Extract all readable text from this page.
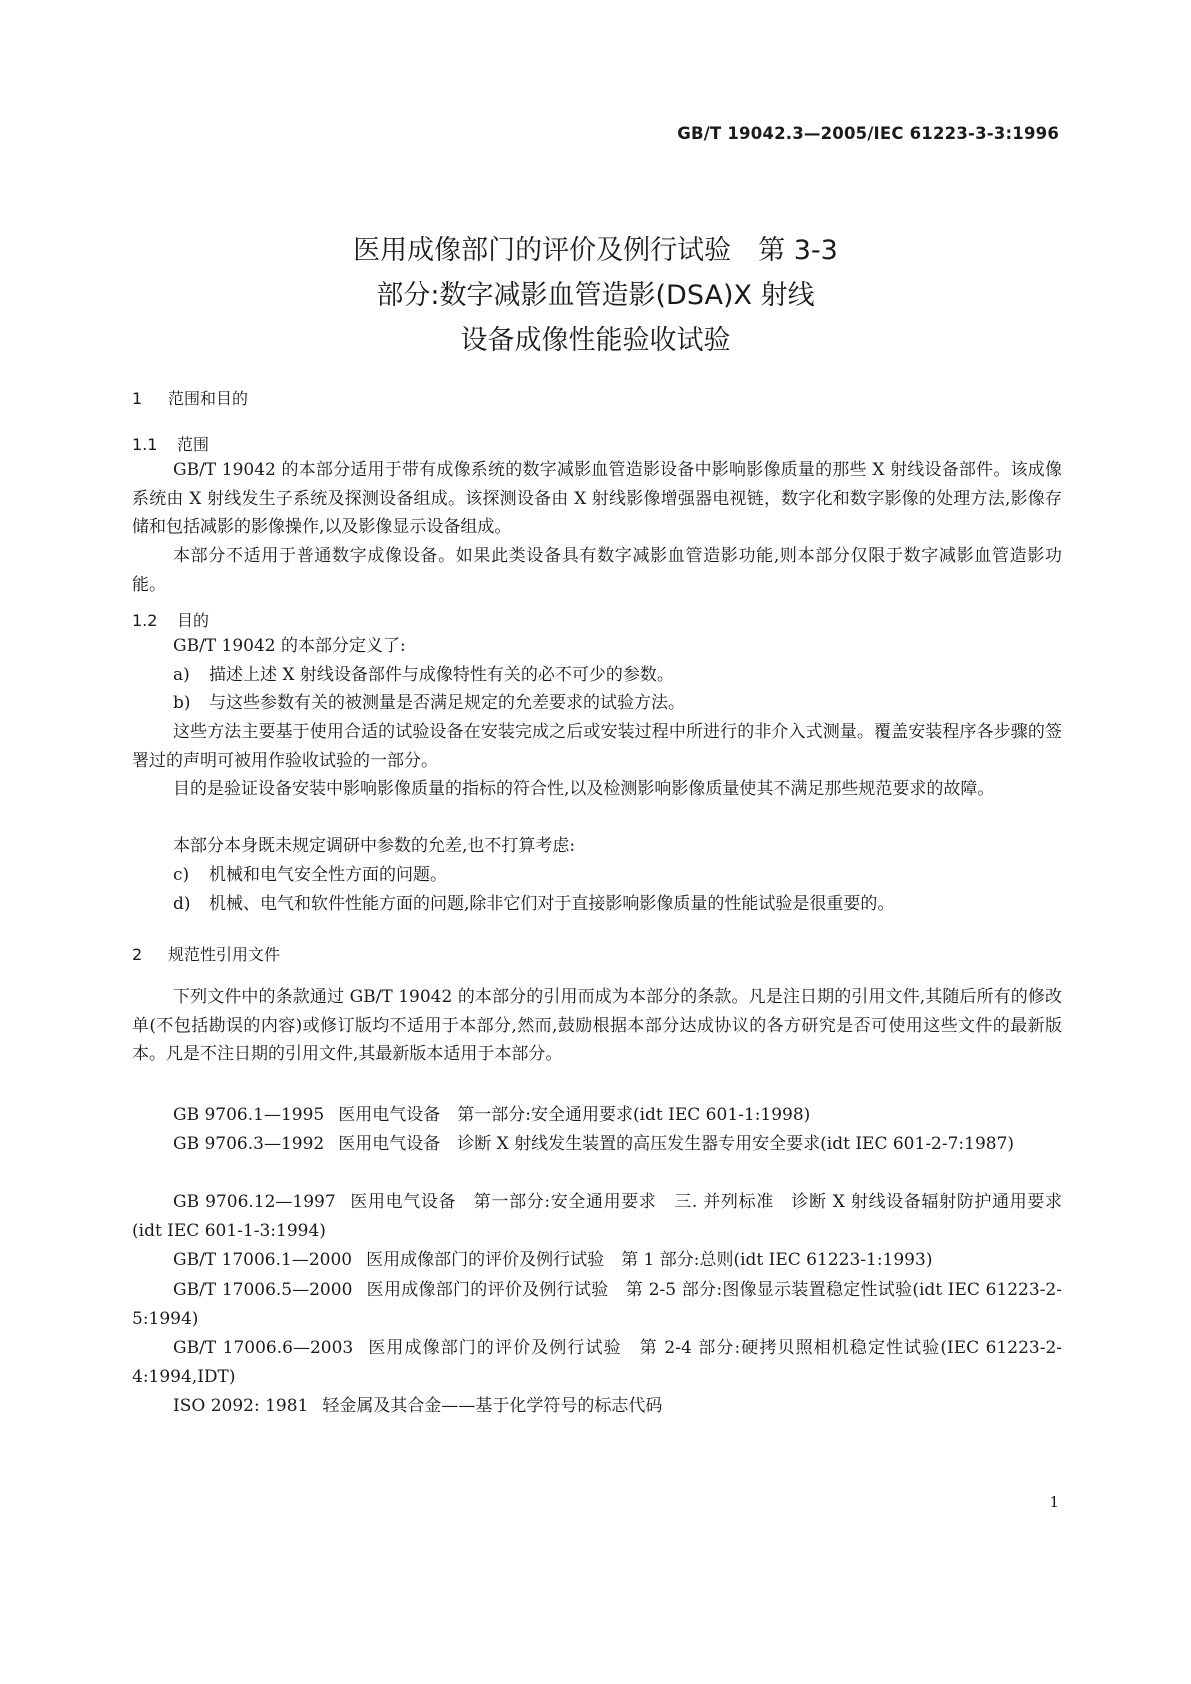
GB/T 19042.3—2005/IEC 61223-3-3:1996
医用成像部门的评价及例行试验　第 3-3
部分:数字减影血管造影(DSA)X 射线
设备成像性能验收试验
1 范围和目的
1.1 范围

GB/T 19042 的本部分适用于带有成像系统的数字减影血管造影设备中影响影像质量的那些 X 射线设备部件。该成像系统由 X 射线发生子系统及探测设备组成。该探测设备由 X 射线影像增强器电视链，数字化和数字影像的处理方法,影像存储和包括减影的影像操作,以及影像显示设备组成。

本部分不适用于普通数字成像设备。如果此类设备具有数字减影血管造影功能,则本部分仅限于数字减影血管造影功能。

1.2 目的

GB/T 19042 的本部分定义了:

a) 描述上述 X 射线设备部件与成像特性有关的必不可少的参数。
b) 与这些参数有关的被测量是否满足规定的允差要求的试验方法。

这些方法主要基于使用合适的试验设备在安装完成之后或安装过程中所进行的非介入式测量。覆盖安装程序各步骤的签署过的声明可被用作验收试验的一部分。

目的是验证设备安装中影响影像质量的指标的符合性,以及检测影响影像质量使其不满足那些规范要求的故障。

本部分本身既未规定调研中参数的允差,也不打算考虑:

c) 机械和电气安全性方面的问题。
d) 机械、电气和软件性能方面的问题,除非它们对于直接影响影像质量的性能试验是很重要的。
2 规范性引用文件

下列文件中的条款通过 GB/T 19042 的本部分的引用而成为本部分的条款。凡是注日期的引用文件,其随后所有的修改单(不包括勘误的内容)或修订版均不适用于本部分,然而,鼓励根据本部分达成协议的各方研究是否可使用这些文件的最新版本。凡是不注日期的引用文件,其最新版本适用于本部分。

GB 9706.1—1995 医用电气设备　第一部分:安全通用要求(idt IEC 601-1:1998)

GB 9706.3—1992 医用电气设备　诊断 X 射线发生装置的高压发生器专用安全要求(idt IEC 601-2-7:1987)

GB 9706.12—1997 医用电气设备　第一部分:安全通用要求　三. 并列标准　诊断 X 射线设备辐射防护通用要求(idt IEC 601-1-3:1994)

GB/T 17006.1—2000 医用成像部门的评价及例行试验　第 1 部分:总则(idt IEC 61223-1:1993)

GB/T 17006.5—2000 医用成像部门的评价及例行试验　第 2-5 部分:图像显示装置稳定性试验(idt IEC 61223-2-5:1994)

GB/T 17006.6—2003 医用成像部门的评价及例行试验　第 2-4 部分:硬拷贝照相机稳定性试验(IEC 61223-2-4:1994,IDT)

ISO 2092: 1981 轻金属及其合金——基于化学符号的标志代码

1
